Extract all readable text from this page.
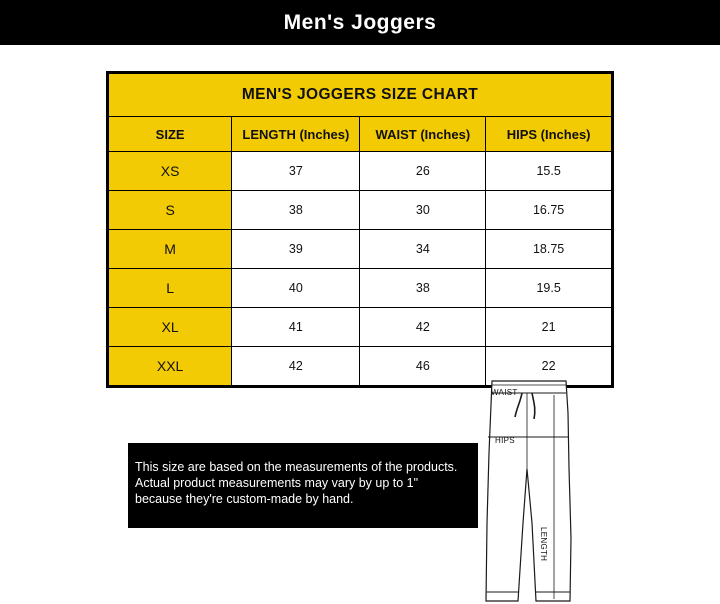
Men's Joggers
MEN'S JOGGERS SIZE CHART			
SIZE	LENGTH (Inches)	WAIST (Inches)	HIPS (Inches)
XS	37	26	15.5
S	38	30	16.75
M	39	34	18.75
L	40	38	19.5
XL	41	42	21
XXL	42	46	22
This size are based on the measurements of the products.
Actual product measurements may vary by up to 1"
because they're custom-made by hand.
WAIST
HIPS
LENGTH
